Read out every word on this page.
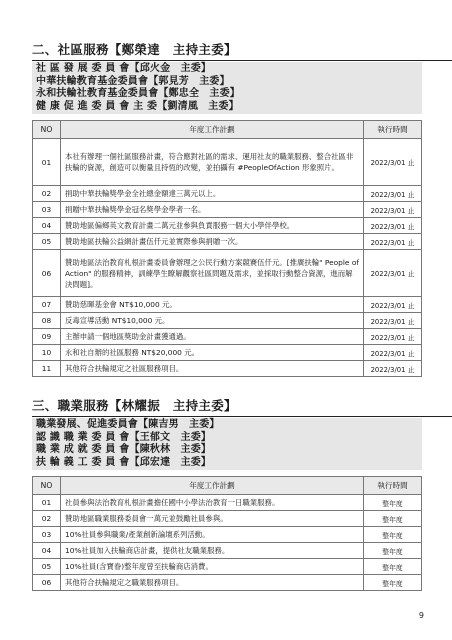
二、社區服務【鄭榮達　主持主委】
社 區 發 展 委 員 會【邱火金　主委】
中華扶輪教育基金委員會【郭見芳　主委】
永和扶輪社教育基金委員會【鄭忠全　主委】
健 康 促 進 委 員 會 主 委【劉清風　主委】
NO	年度工作計劃	執行時間
01	本社有辦理一個社區服務計畫，符合應對社區的需求、運用社友的職業服務、整合社區非扶輪的資源，創造可以衡量且持恆的改變，並拍攝有 #PeopleOfAction 形象照片。	2022/3/01 止
02	捐助中華扶輪獎學金全社總金額達三萬元以上。	2022/3/01 止
03	捐贈中華扶輪獎學金冠名獎學金學者一名。	2022/3/01 止
04	贊助地區偏鄉英文教育計畫二萬元並參與負責服務一個大小學伴學校。	2022/3/01 止
05	贊助地區扶輪公益網計畫伍仟元並實際參與捐贈一次。	2022/3/01 止
06	贊助地區法治教育札根計畫委員會辦理之公民行動方案競賽伍仟元。[推廣扶輪" People of Action" 的服務精神，訓練學生瞭解觀察社區問題及需求，並採取行動整合資源，進而解決問題]。	2022/3/01 止
07	贊助慈暉基金會 NT$10,000 元。	2022/3/01 止
08	反毒宣導活動 NT$10,000 元。	2022/3/01 止
09	主辦申請一個地區獎助金計畫獲通過。	2022/3/01 止
10	永和社自辦的社區服務 NT$20,000 元。	2022/3/01 止
11	其他符合扶輪規定之社區服務項目。	2022/3/01 止
三、職業服務【林耀振　主持主委】
職業發展、促進委員會【陳吉男　主委】
認 識 職 業 委 員 會【王郁文　主委】
職 業 成 就 委 員 會【陳秋林　主委】
扶 輪 義 工 委 員 會【邱宏達　主委】
NO	年度工作計劃	執行時間
01	社員參與法治教育札根計畫擔任國中小學法治教育一日職業服務。	整年度
02	贊助地區職業服務委員會一萬元並鼓勵社員參與。	整年度
03	10%社員參與職業/產業創新論壇系列活動。	整年度
04	10%社員加入扶輪商店計畫，提供社友職業服務。	整年度
05	10%社員(含寶眷)整年度曾至扶輪商店消費。	整年度
06	其他符合扶輪規定之職業服務項目。	整年度
9
